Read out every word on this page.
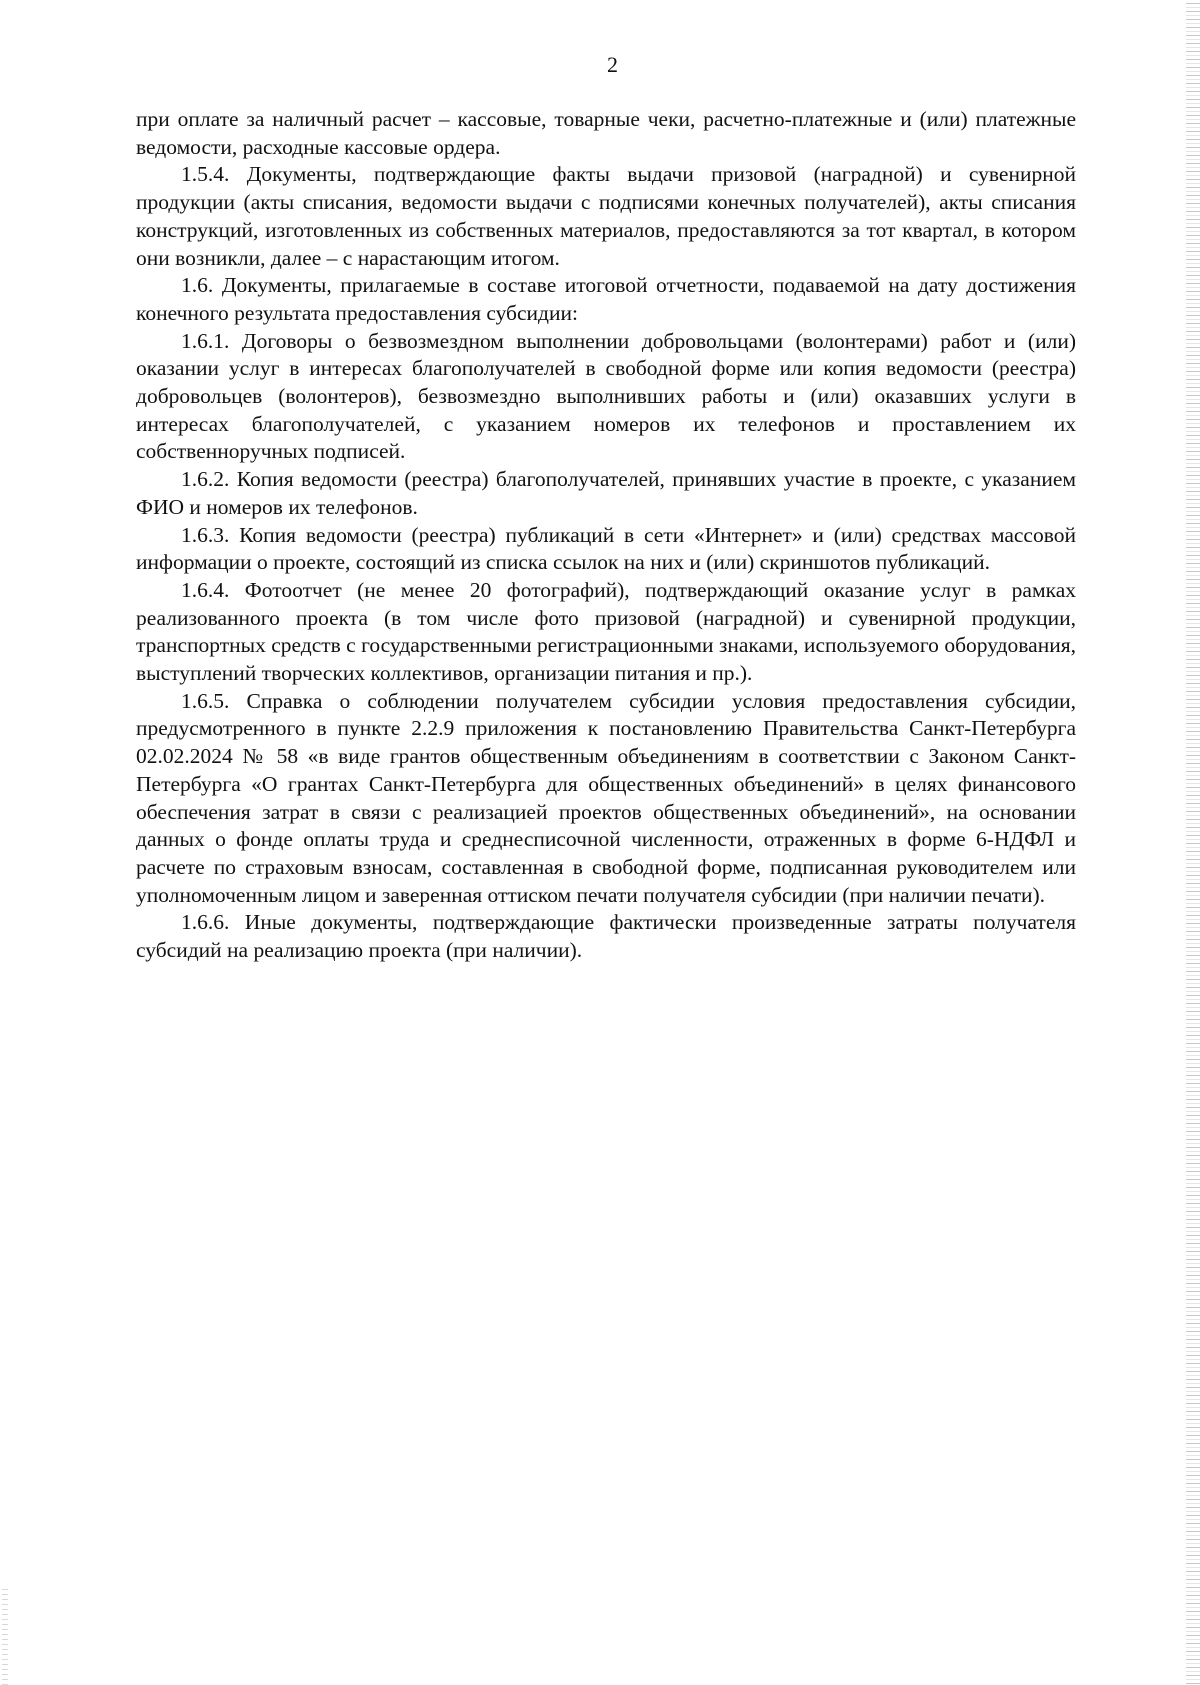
2

при оплате за наличный расчет – кассовые, товарные чеки, расчетно-платежные и (или) платежные ведомости, расходные кассовые ордера.

1.5.4. Документы, подтверждающие факты выдачи призовой (наградной) и сувенирной продукции (акты списания, ведомости выдачи с подписями конечных получателей), акты списания конструкций, изготовленных из собственных материалов, предоставляются за тот квартал, в котором они возникли, далее – с нарастающим итогом.

1.6. Документы, прилагаемые в составе итоговой отчетности, подаваемой на дату достижения конечного результата предоставления субсидии:

1.6.1. Договоры о безвозмездном выполнении добровольцами (волонтерами) работ и (или) оказании услуг в интересах благополучателей в свободной форме или копия ведомости (реестра) добровольцев (волонтеров), безвозмездно выполнивших работы и (или) оказавших услуги в интересах благополучателей, с указанием номеров их телефонов и проставлением их собственноручных подписей.

1.6.2. Копия ведомости (реестра) благополучателей, принявших участие в проекте, с указанием ФИО и номеров их телефонов.

1.6.3. Копия ведомости (реестра) публикаций в сети «Интернет» и (или) средствах массовой информации о проекте, состоящий из списка ссылок на них и (или) скриншотов публикаций.

1.6.4. Фотоотчет (не менее 20 фотографий), подтверждающий оказание услуг в рамках реализованного проекта (в том числе фото призовой (наградной) и сувенирной продукции, транспортных средств с государственными регистрационными знаками, используемого оборудования, выступлений творческих коллективов, организации питания и пр.).

1.6.5. Справка о соблюдении получателем субсидии условия предоставления субсидии, предусмотренного в пункте 2.2.9 приложения к постановлению Правительства Санкт-Петербурга 02.02.2024 № 58 «в виде грантов общественным объединениям в соответствии с Законом Санкт-Петербурга «О грантах Санкт-Петербурга для общественных объединений» в целях финансового обеспечения затрат в связи с реализацией проектов общественных объединений», на основании данных о фонде оплаты труда и среднесписочной численности, отраженных в форме 6-НДФЛ и расчете по страховым взносам, составленная в свободной форме, подписанная руководителем или уполномоченным лицом и заверенная оттиском печати получателя субсидии (при наличии печати).

1.6.6. Иные документы, подтверждающие фактически произведенные затраты получателя субсидий на реализацию проекта (при наличии).
